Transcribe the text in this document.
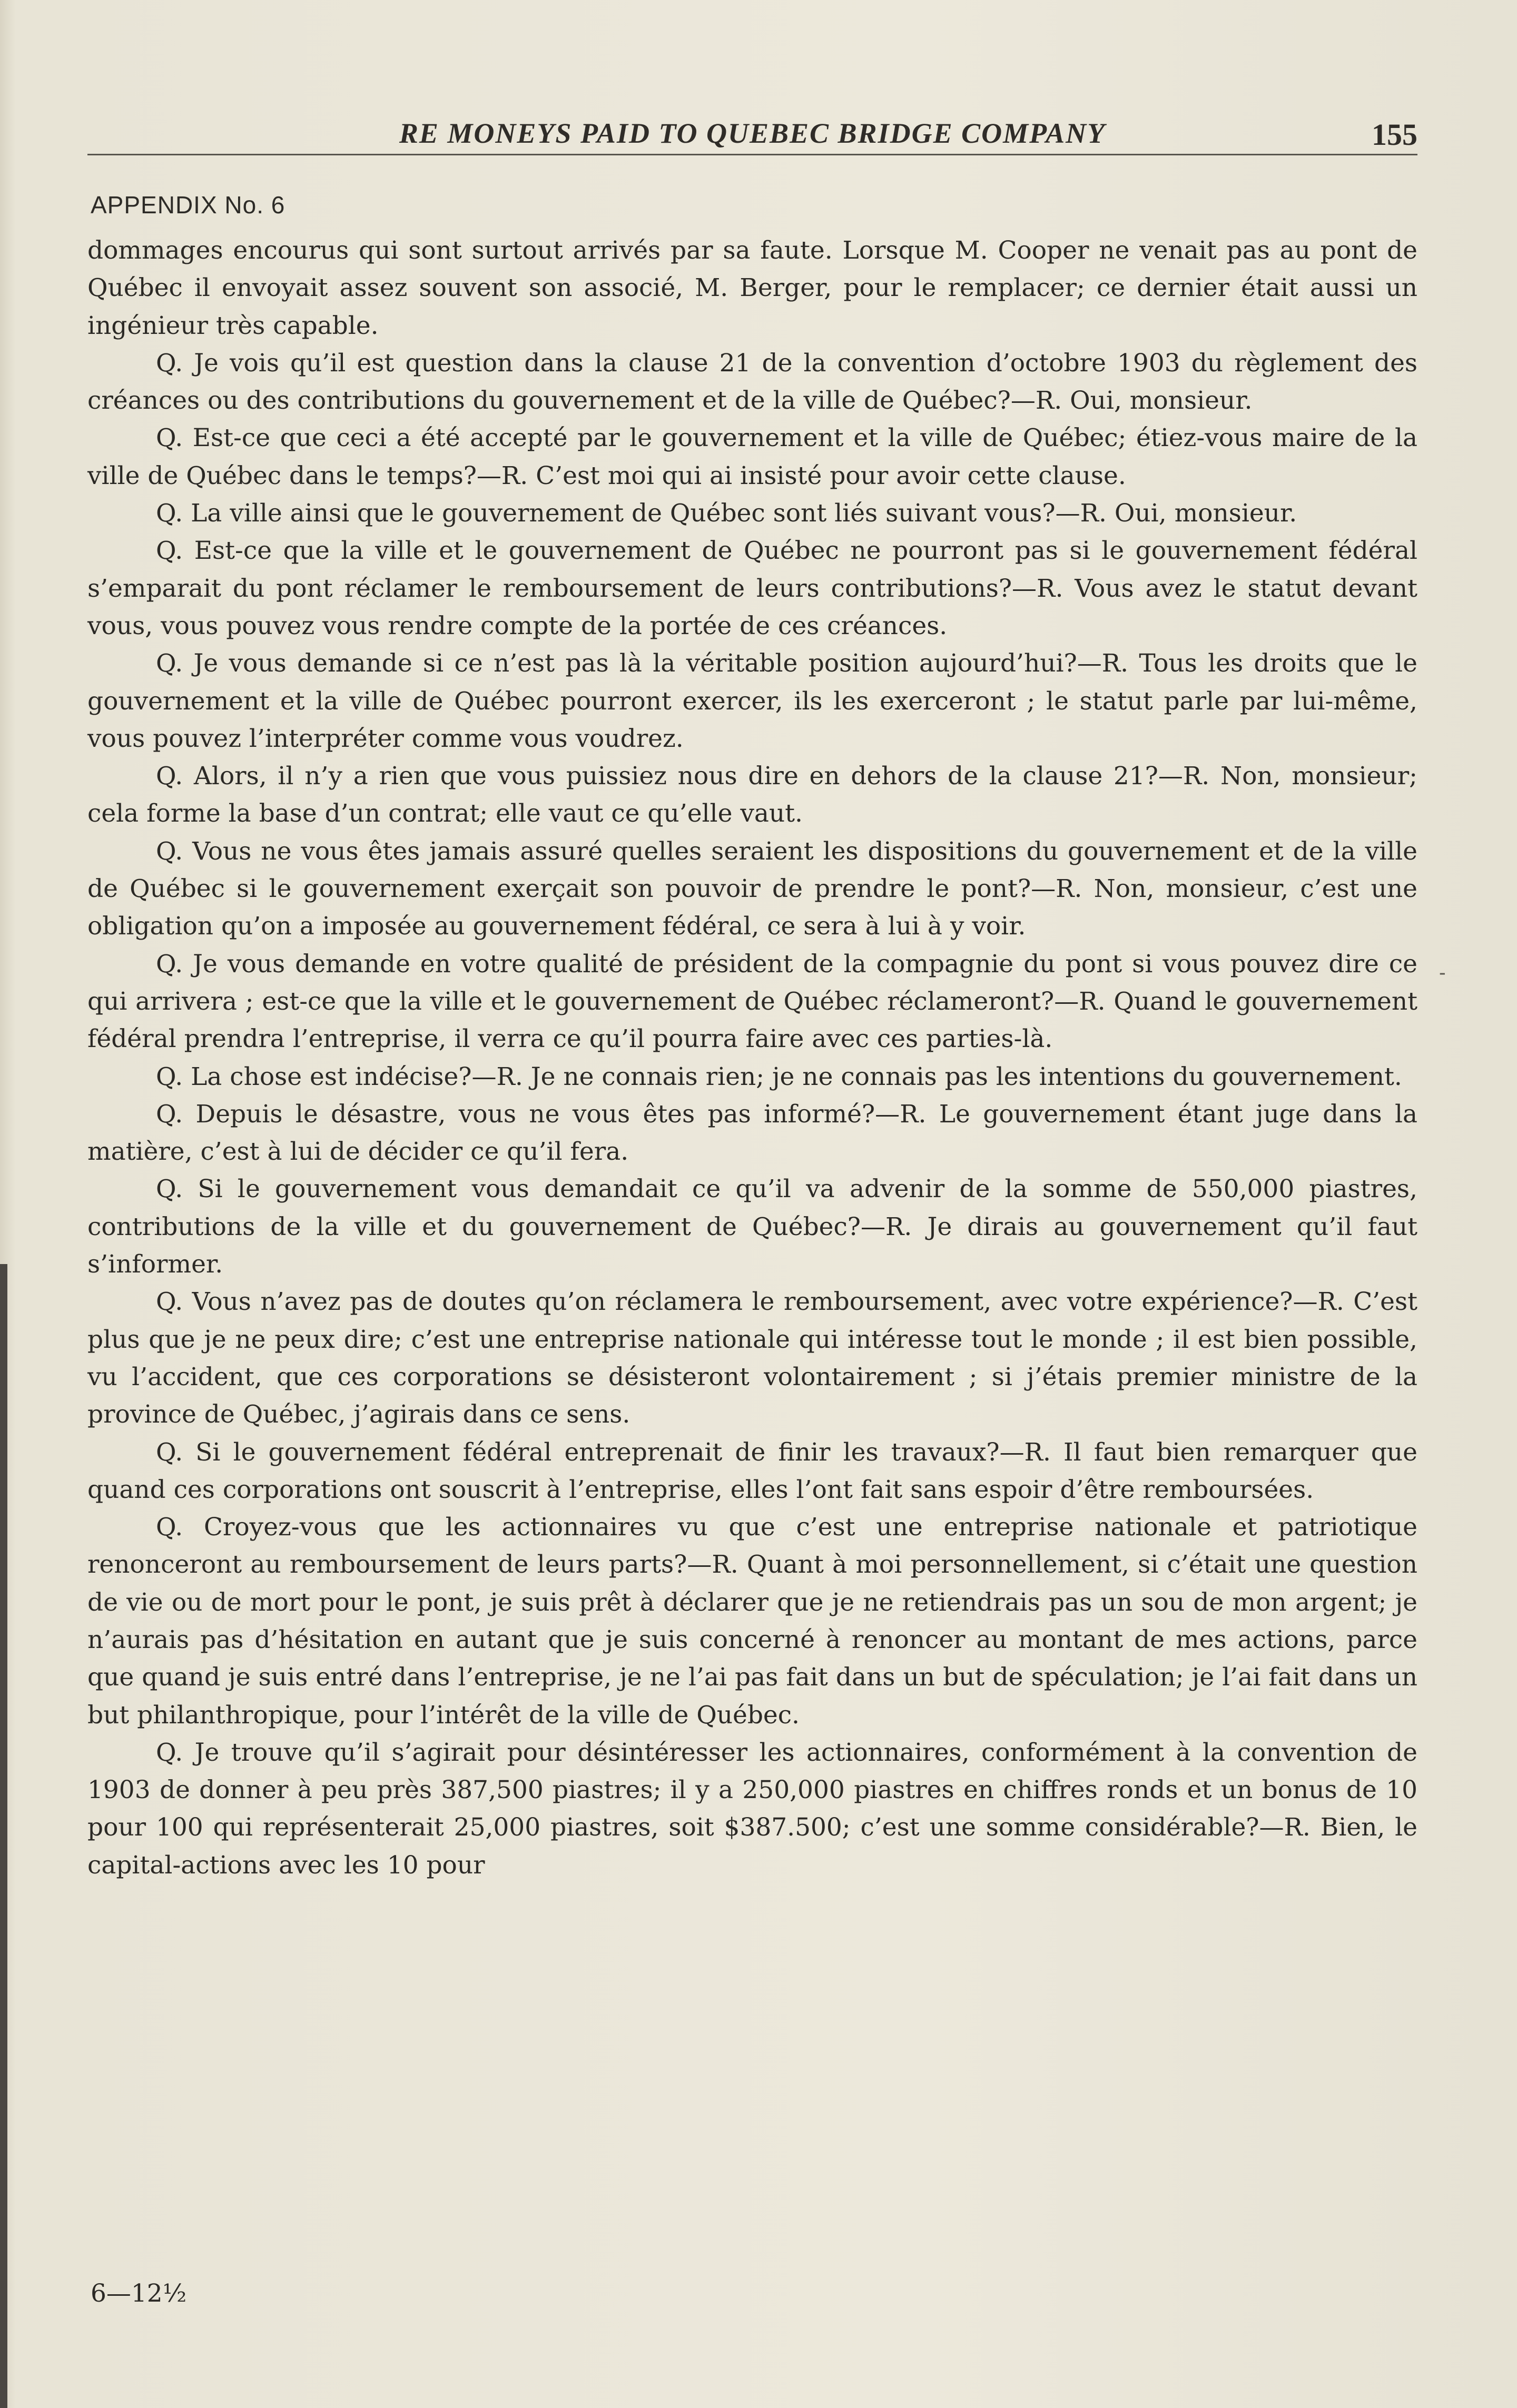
RE MONEYS PAID TO QUEBEC BRIDGE COMPANY	155
APPENDIX No. 6

dommages encourus qui sont surtout arrivés par sa faute. Lorsque M. Cooper ne venait pas au pont de Québec il envoyait assez souvent son associé, M. Berger, pour le remplacer; ce dernier était aussi un ingénieur très capable.

Q. Je vois qu’il est question dans la clause 21 de la convention d’octobre 1903 du règlement des créances ou des contributions du gouvernement et de la ville de Québec?—R. Oui, monsieur.

Q. Est-ce que ceci a été accepté par le gouvernement et la ville de Québec; étiez-vous maire de la ville de Québec dans le temps?—R. C’est moi qui ai insisté pour avoir cette clause.

Q. La ville ainsi que le gouvernement de Québec sont liés suivant vous?—R. Oui, monsieur.

Q. Est-ce que la ville et le gouvernement de Québec ne pourront pas si le gouvernement fédéral s’emparait du pont réclamer le remboursement de leurs contributions?—R. Vous avez le statut devant vous, vous pouvez vous rendre compte de la portée de ces créances.

Q. Je vous demande si ce n’est pas là la véritable position aujourd’hui?—R. Tous les droits que le gouvernement et la ville de Québec pourront exercer, ils les exerceront ; le statut parle par lui-même, vous pouvez l’interpréter comme vous voudrez.

Q. Alors, il n’y a rien que vous puissiez nous dire en dehors de la clause 21?—R. Non, monsieur; cela forme la base d’un contrat; elle vaut ce qu’elle vaut.

Q. Vous ne vous êtes jamais assuré quelles seraient les dispositions du gouvernement et de la ville de Québec si le gouvernement exerçait son pouvoir de prendre le pont?—R. Non, monsieur, c’est une obligation qu’on a imposée au gouvernement fédéral, ce sera à lui à y voir.

Q. Je vous demande en votre qualité de président de la compagnie du pont si vous pouvez dire ce qui arrivera ; est-ce que la ville et le gouvernement de Québec réclameront?—R. Quand le gouvernement fédéral prendra l’entreprise, il verra ce qu’il pourra faire avec ces parties-là.

Q. La chose est indécise?—R. Je ne connais rien; je ne connais pas les intentions du gouvernement.

Q. Depuis le désastre, vous ne vous êtes pas informé?—R. Le gouvernement étant juge dans la matière, c’est à lui de décider ce qu’il fera.

Q. Si le gouvernement vous demandait ce qu’il va advenir de la somme de 550,000 piastres, contributions de la ville et du gouvernement de Québec?—R. Je dirais au gouvernement qu’il faut s’informer.

Q. Vous n’avez pas de doutes qu’on réclamera le remboursement, avec votre expérience?—R. C’est plus que je ne peux dire; c’est une entreprise nationale qui intéresse tout le monde ; il est bien possible, vu l’accident, que ces corporations se désisteront volontairement ; si j’étais premier ministre de la province de Québec, j’agirais dans ce sens.

Q. Si le gouvernement fédéral entreprenait de finir les travaux?—R. Il faut bien remarquer que quand ces corporations ont souscrit à l’entreprise, elles l’ont fait sans espoir d’être remboursées.

Q. Croyez-vous que les actionnaires vu que c’est une entreprise nationale et patriotique renonceront au remboursement de leurs parts?—R. Quant à moi personnellement, si c’était une question de vie ou de mort pour le pont, je suis prêt à déclarer que je ne retiendrais pas un sou de mon argent; je n’aurais pas d’hésitation en autant que je suis concerné à renoncer au montant de mes actions, parce que quand je suis entré dans l’entreprise, je ne l’ai pas fait dans un but de spéculation; je l’ai fait dans un but philanthropique, pour l’intérêt de la ville de Québec.

Q. Je trouve qu’il s’agirait pour désintéresser les actionnaires, conformément à la convention de 1903 de donner à peu près 387,500 piastres; il y a 250,000 piastres en chiffres ronds et un bonus de 10 pour 100 qui représenterait 25,000 piastres, soit $387.500; c’est une somme considérable?—R. Bien, le capital-actions avec les 10 pour

-
6—12½
